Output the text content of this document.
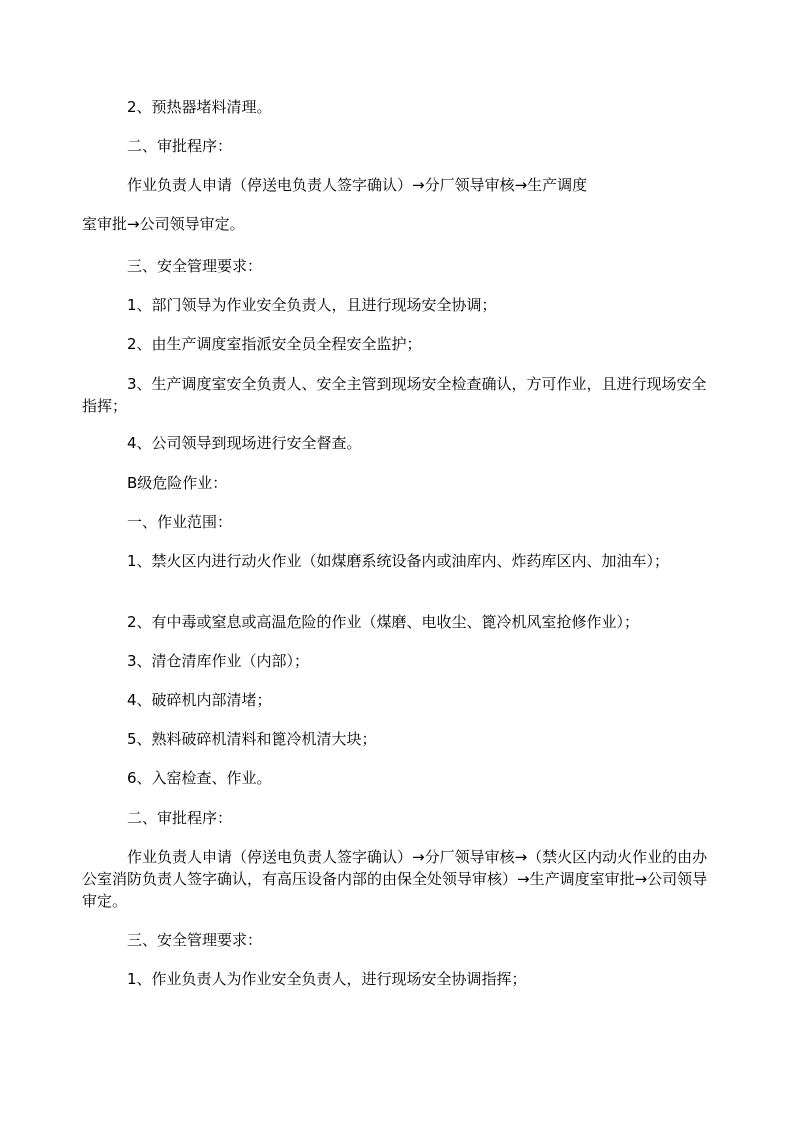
2、预热器堵料清理。

二、审批程序：

作业负责人申请（停送电负责人签字确认）→分厂领导审核→生产调度

室审批→公司领导审定。

三、安全管理要求：

1、部门领导为作业安全负责人，且进行现场安全协调；

2、由生产调度室指派安全员全程安全监护；

3、生产调度室安全负责人、安全主管到现场安全检查确认，方可作业，且进行现场安全指挥；

4、公司领导到现场进行安全督查。

B级危险作业：

一、作业范围：

1、禁火区内进行动火作业（如煤磨系统设备内或油库内、炸药库区内、加油车）；

2、有中毒或窒息或高温危险的作业（煤磨、电收尘、篦冷机风室抢修作业）；

3、清仓清库作业（内部）；

4、破碎机内部清堵；

5、熟料破碎机清料和篦冷机清大块；

6、入窑检查、作业。

二、审批程序：

作业负责人申请（停送电负责人签字确认）→分厂领导审核→（禁火区内动火作业的由办公室消防负责人签字确认，有高压设备内部的由保全处领导审核）→生产调度室审批→公司领导审定。

三、安全管理要求：

1、作业负责人为作业安全负责人，进行现场安全协调指挥；
